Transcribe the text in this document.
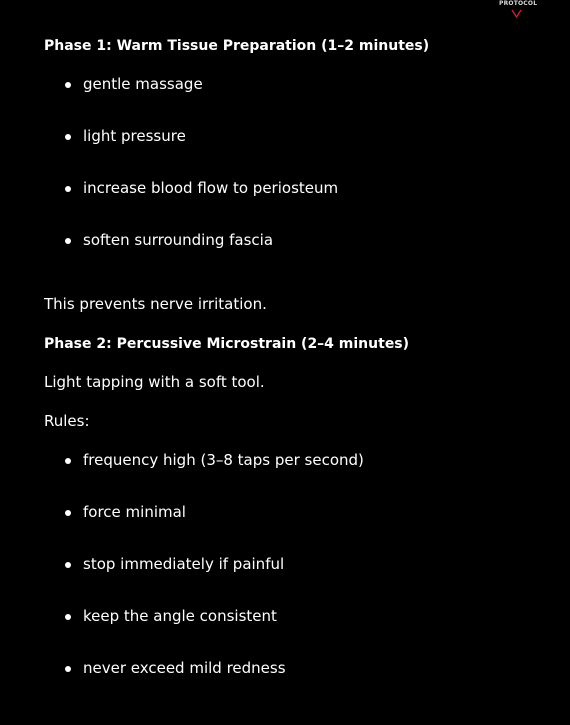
PROTOCOL
Phase 1: Warm Tissue Preparation (1–2 minutes)
gentle massage
light pressure
increase blood flow to periosteum
soften surrounding fascia

This prevents nerve irritation.

Phase 2: Percussive Microstrain (2–4 minutes)

Light tapping with a soft tool.

Rules:

frequency high (3–8 taps per second)
force minimal
stop immediately if painful
keep the angle consistent
never exceed mild redness
